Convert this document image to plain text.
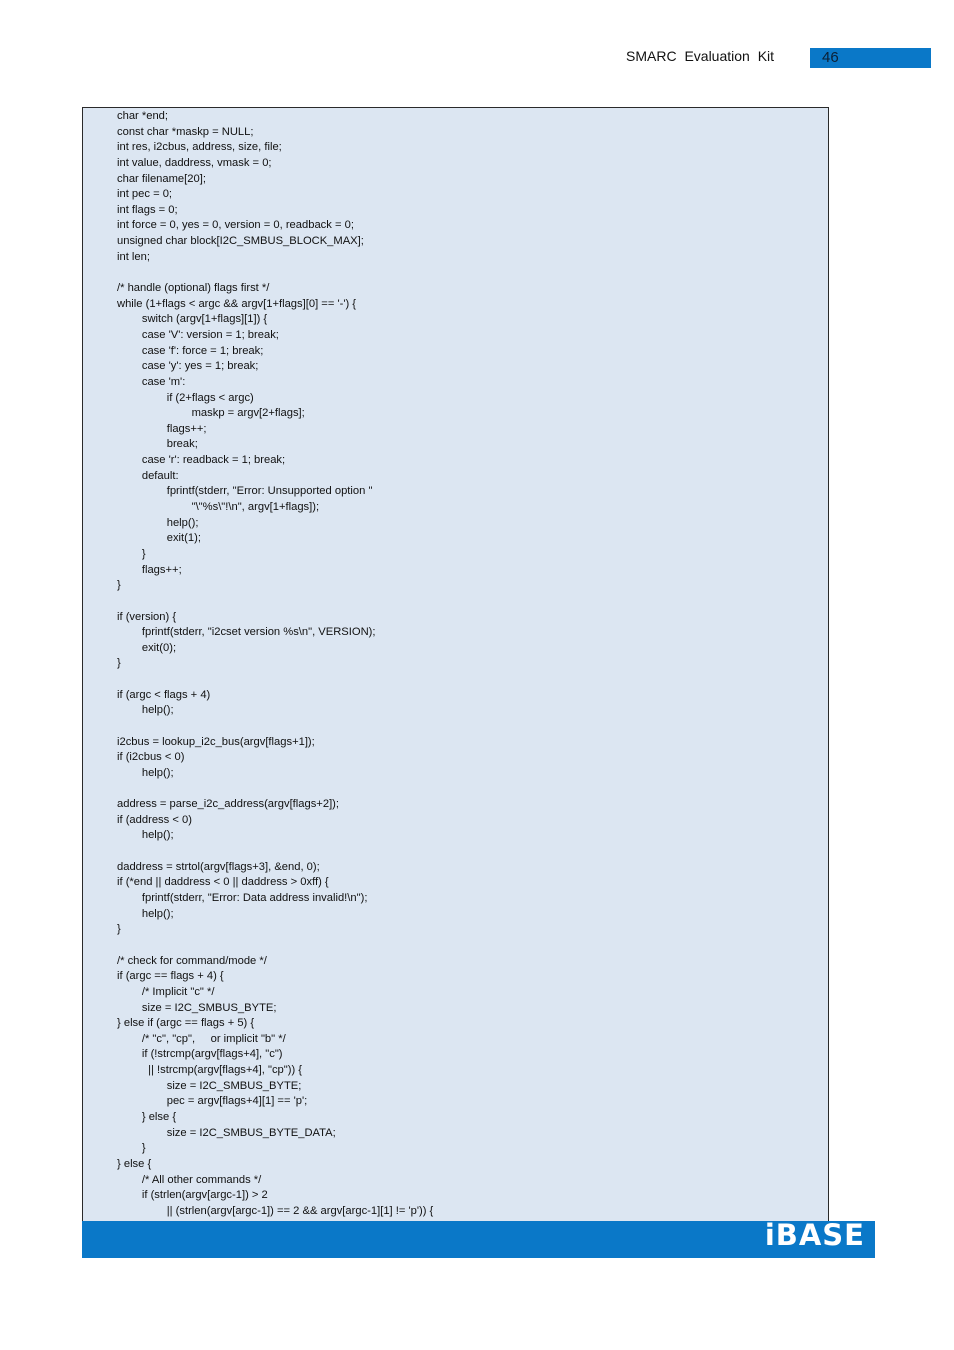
SMARC Evaluation Kit	46
char *end;
const char *maskp = NULL;
int res, i2cbus, address, size, file;
int value, daddress, vmask = 0;
char filename[20];
int pec = 0;
int flags = 0;
int force = 0, yes = 0, version = 0, readback = 0;
unsigned char block[I2C_SMBUS_BLOCK_MAX];
int len;
/* handle (optional) flags first */
while (1+flags < argc && argv[1+flags][0] == '-') {
switch (argv[1+flags][1]) {
case 'V': version = 1; break;
case 'f': force = 1; break;
case 'y': yes = 1; break;
case 'm':
if (2+flags < argc)
maskp = argv[2+flags];
flags++;
break;
case 'r': readback = 1; break;
default:
fprintf(stderr, "Error: Unsupported option "
"\"%s\"!\n", argv[1+flags]);
help();
exit(1);
}
flags++;
}
if (version) {
fprintf(stderr, "i2cset version %s\n", VERSION);
exit(0);
}
if (argc < flags + 4)
help();
i2cbus = lookup_i2c_bus(argv[flags+1]);
if (i2cbus < 0)
help();
address = parse_i2c_address(argv[flags+2]);
if (address < 0)
help();
daddress = strtol(argv[flags+3], &end, 0);
if (*end || daddress < 0 || daddress > 0xff) {
fprintf(stderr, "Error: Data address invalid!\n");
help();
}
/* check for command/mode */
if (argc == flags + 4) {
/* Implicit "c" */
size = I2C_SMBUS_BYTE;
} else if (argc == flags + 5) {
/* "c", "cp",     or implicit "b" */
if (!strcmp(argv[flags+4], "c")
|| !strcmp(argv[flags+4], "cp")) {
size = I2C_SMBUS_BYTE;
pec = argv[flags+4][1] == 'p';
} else {
size = I2C_SMBUS_BYTE_DATA;
}
} else {
/* All other commands */
if (strlen(argv[argc-1]) > 2
|| (strlen(argv[argc-1]) == 2 && argv[argc-1][1] != 'p')) {
iBASE
